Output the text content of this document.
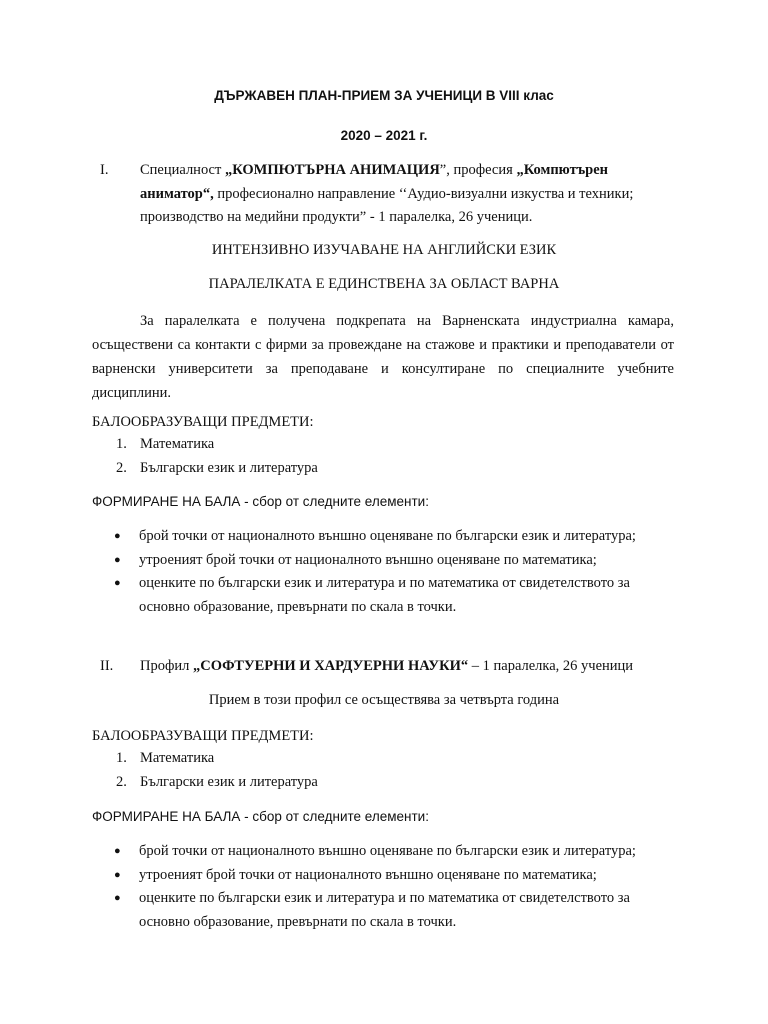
ДЪРЖАВЕН ПЛАН-ПРИЕМ ЗА УЧЕНИЦИ В VIII клас
2020 – 2021 г.
I. Специалност „КОМПЮТЪРНА АНИМАЦИЯ”, професия „Компютърен аниматор“, професионално направление ‘‘Аудио-визуални изкуства и техники; производство на медийни продукти” - 1 паралелка, 26 ученици.
ИНТЕНЗИВНО ИЗУЧАВАНЕ НА АНГЛИЙСКИ ЕЗИК
ПАРАЛЕЛКАТА Е ЕДИНСТВЕНА ЗА ОБЛАСТ ВАРНА
За паралелката е получена подкрепата на Варненската индустриална камара, осъществени са контакти с фирми за провеждане на стажове и практики и преподаватели от варненски университети за преподаване и консултиране по специалните учебните дисциплини.
БАЛООБРАЗУВАЩИ ПРЕДМЕТИ:
1. Математика
2. Български език и литература
ФОРМИРАНЕ НА БАЛА - сбор от следните елементи:
● брой точки от националното външно оценяване по български език и литература;
● утроеният брой точки от националното външно оценяване по математика;
● оценките по български език и литература и по математика от свидетелството за основно образование, превърнати по скала в точки.
II. Профил „СОФТУЕРНИ И ХАРДУЕРНИ НАУКИ“ – 1 паралелка, 26 ученици
Прием в този профил се осъществява за четвърта година
БАЛООБРАЗУВАЩИ ПРЕДМЕТИ:
1. Математика
2. Български език и литература
ФОРМИРАНЕ НА БАЛА - сбор от следните елементи:
● брой точки от националното външно оценяване по български език и литература;
● утроеният брой точки от националното външно оценяване по математика;
● оценките по български език и литература и по математика от свидетелството за основно образование, превърнати по скала в точки.
